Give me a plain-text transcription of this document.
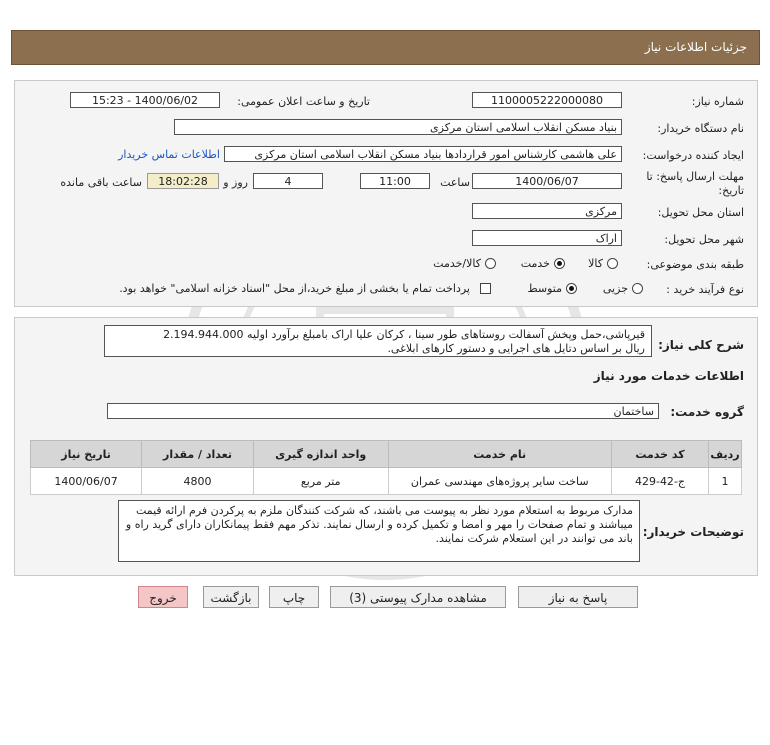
جزئیات اطلاعات نیاز
شماره نیاز:
1100005222000080
تاریخ و ساعت اعلان عمومی:
1400/06/02 - 15:23
نام دستگاه خریدار:
بنیاد مسکن انقلاب اسلامی استان مرکزی
ایجاد کننده درخواست:
علی هاشمی کارشناس امور قراردادها بنیاد مسکن انقلاب اسلامی استان مرکزی
اطلاعات تماس خریدار
مهلت ارسال پاسخ: تا
تاریخ:
1400/06/07
ساعت
11:00
4
روز و
18:02:28
ساعت باقی مانده
استان محل تحویل:
مرکزی
شهر محل تحویل:
اراک
طبقه بندی موضوعی:
کالا
خدمت
کالا/خدمت
نوع فرآیند خرید :
جزیی
متوسط
پرداخت تمام یا بخشی از مبلغ خرید،از محل "اسناد خزانه اسلامی" خواهد بود.
شرح کلی نیاز:
قیرپاشی،حمل وپخش آسفالت روستاهای طور سینا ، کرکان علیا اراک بامبلغ برآورد اولیه 2.194.944.000
ریال بر اساس دتایل های اجرایی و دستور کارهای ابلاغی.
اطلاعات خدمات مورد نیاز
گروه خدمت:
ساختمان
ردیف	کد خدمت	نام خدمت	واحد اندازه گیری	تعداد / مقدار	تاریخ نیاز
1	ج-42-429	ساخت سایر پروژه‌های مهندسی عمران	متر مربع	4800	1400/06/07
توضیحات خریدار:
مدارک مربوط به استعلام مورد نظر به پیوست می باشند، که شرکت کنندگان ملزم به پرکردن فرم ارائه قیمت میباشند و تمام صفحات را مهر و امضا و تکمیل کرده و ارسال نمایند. تذکر مهم فقط پیمانکاران دارای گرید راه و باند می توانند در این استعلام شرکت نمایند.
پاسخ به نیاز
مشاهده مدارک پیوستی (3)
چاپ
بازگشت
خروج
